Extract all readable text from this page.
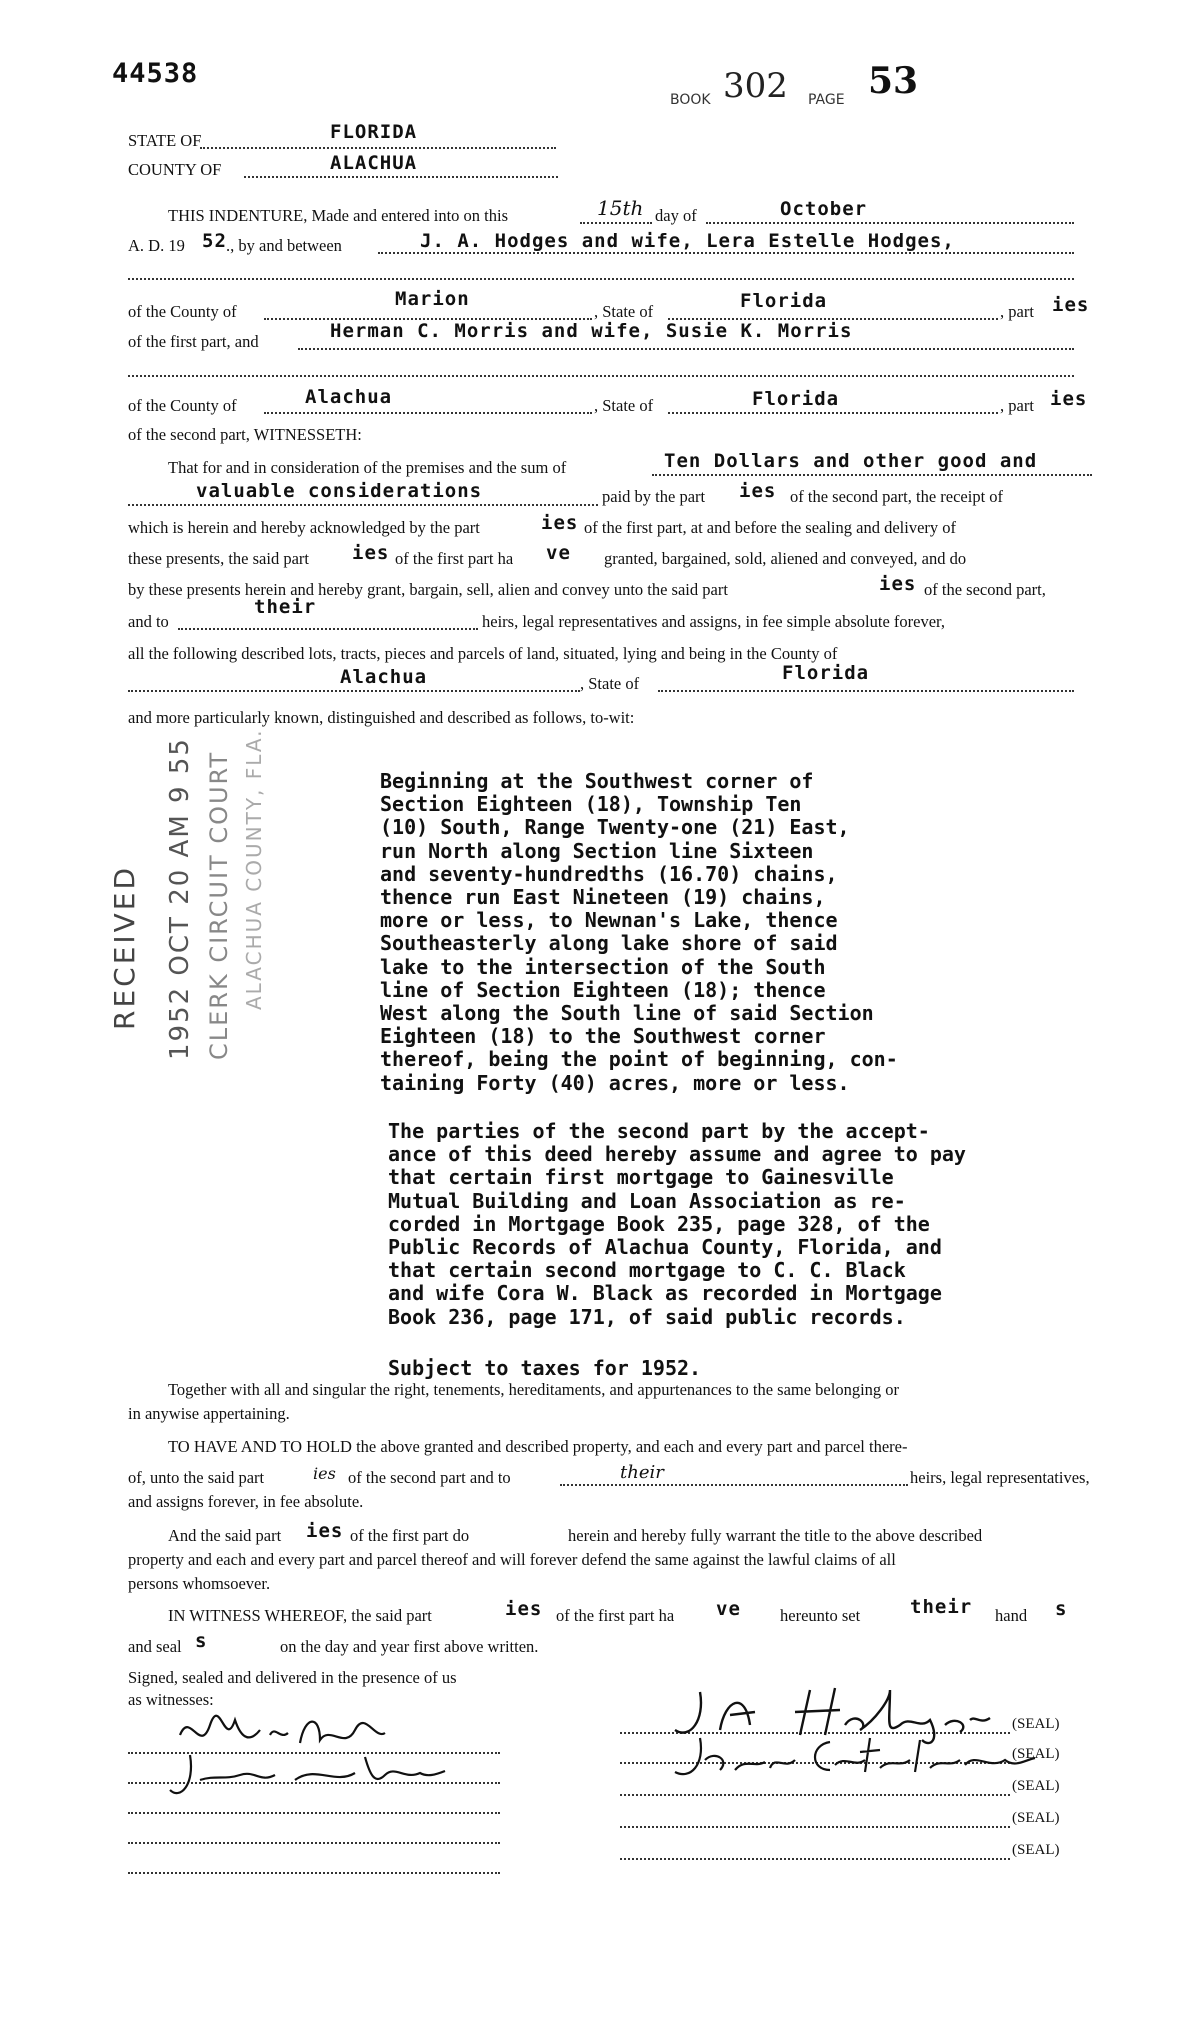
44538
BOOK 302 PAGE 53
STATE OF	FLORIDA
COUNTY OF	ALACHUA
THIS INDENTURE, Made and entered into on this	15th day of	October
A. D. 19 52 ., by and between	J. A. Hodges and wife, Lera Estelle Hodges,
of the County of
Marion
, State of	Florida	, part ies
of the first part, and	Herman C. Morris and wife, Susie K. Morris
of the County of	Alachua	, State of	Florida	, part ies
of the second part, WITNESSETH:
That for and in consideration of the premises and the sum of	Ten Dollars and other good and
valuable considerations	paid by the part ies of the second part, the receipt of
which is herein and hereby acknowledged by the part	ies of the first part, at and before the sealing and delivery of
these presents, the said part ies of the first part ha ve granted, bargained, sold, aliened and conveyed, and do
by these presents herein and hereby grant, bargain, sell, alien and convey unto the said part	ies of the second part,
and to
their
heirs, legal representatives and assigns, in fee simple absolute forever,
all the following described lots, tracts, pieces and parcels of land, situated, lying and being in the County of
Alachua	, State of	Florida
and more particularly known, distinguished and described as follows, to-wit:
RECEIVED 1952 OCT 20 AM 9 55 CLERK CIRCUIT COURT ALACHUA COUNTY, FLA.	Beginning at the Southwest corner of
Section Eighteen (18), Township Ten
(10) South, Range Twenty-one (21) East,
run North along Section line Sixteen
and seventy-hundredths (16.70) chains,
thence run East Nineteen (19) chains,
more or less, to Newnan's Lake, thence
Southeasterly along lake shore of said
lake to the intersection of the South
line of Section Eighteen (18); thence
West along the South line of said Section
Eighteen (18) to the Southwest corner
thereof, being the point of beginning, con-
taining Forty (40) acres, more or less.
The parties of the second part by the accept-
ance of this deed hereby assume and agree to pay
that certain first mortgage to Gainesville
Mutual Building and Loan Association as re-
corded in Mortgage Book 235, page 328, of the
Public Records of Alachua County, Florida, and
that certain second mortgage to C. C. Black
and wife Cora W. Black as recorded in Mortgage
Book 236, page 171, of said public records.
Subject to taxes for 1952.
Together with all and singular the right, tenements, hereditaments, and appurtenances to the same belonging or
in anywise appertaining.
TO HAVE AND TO HOLD the above granted and described property, and each and every part and parcel there-
of, unto the said part	ies of the second part and to	their	heirs, legal representatives,
and assigns forever, in fee absolute.
And the said part ies of the first part do	herein and hereby fully warrant the title to the above described
property and each and every part and parcel thereof and will forever defend the same against the lawful claims of all
persons whomsoever.
IN WITNESS WHEREOF, the said part	ies of the first part ha ve hereunto set	their hand s
and seal s	on the day and year first above written.
Signed, sealed and delivered in the presence of us
as witnesses:
(SEAL)
(SEAL)
(SEAL)
(SEAL)
(SEAL)
